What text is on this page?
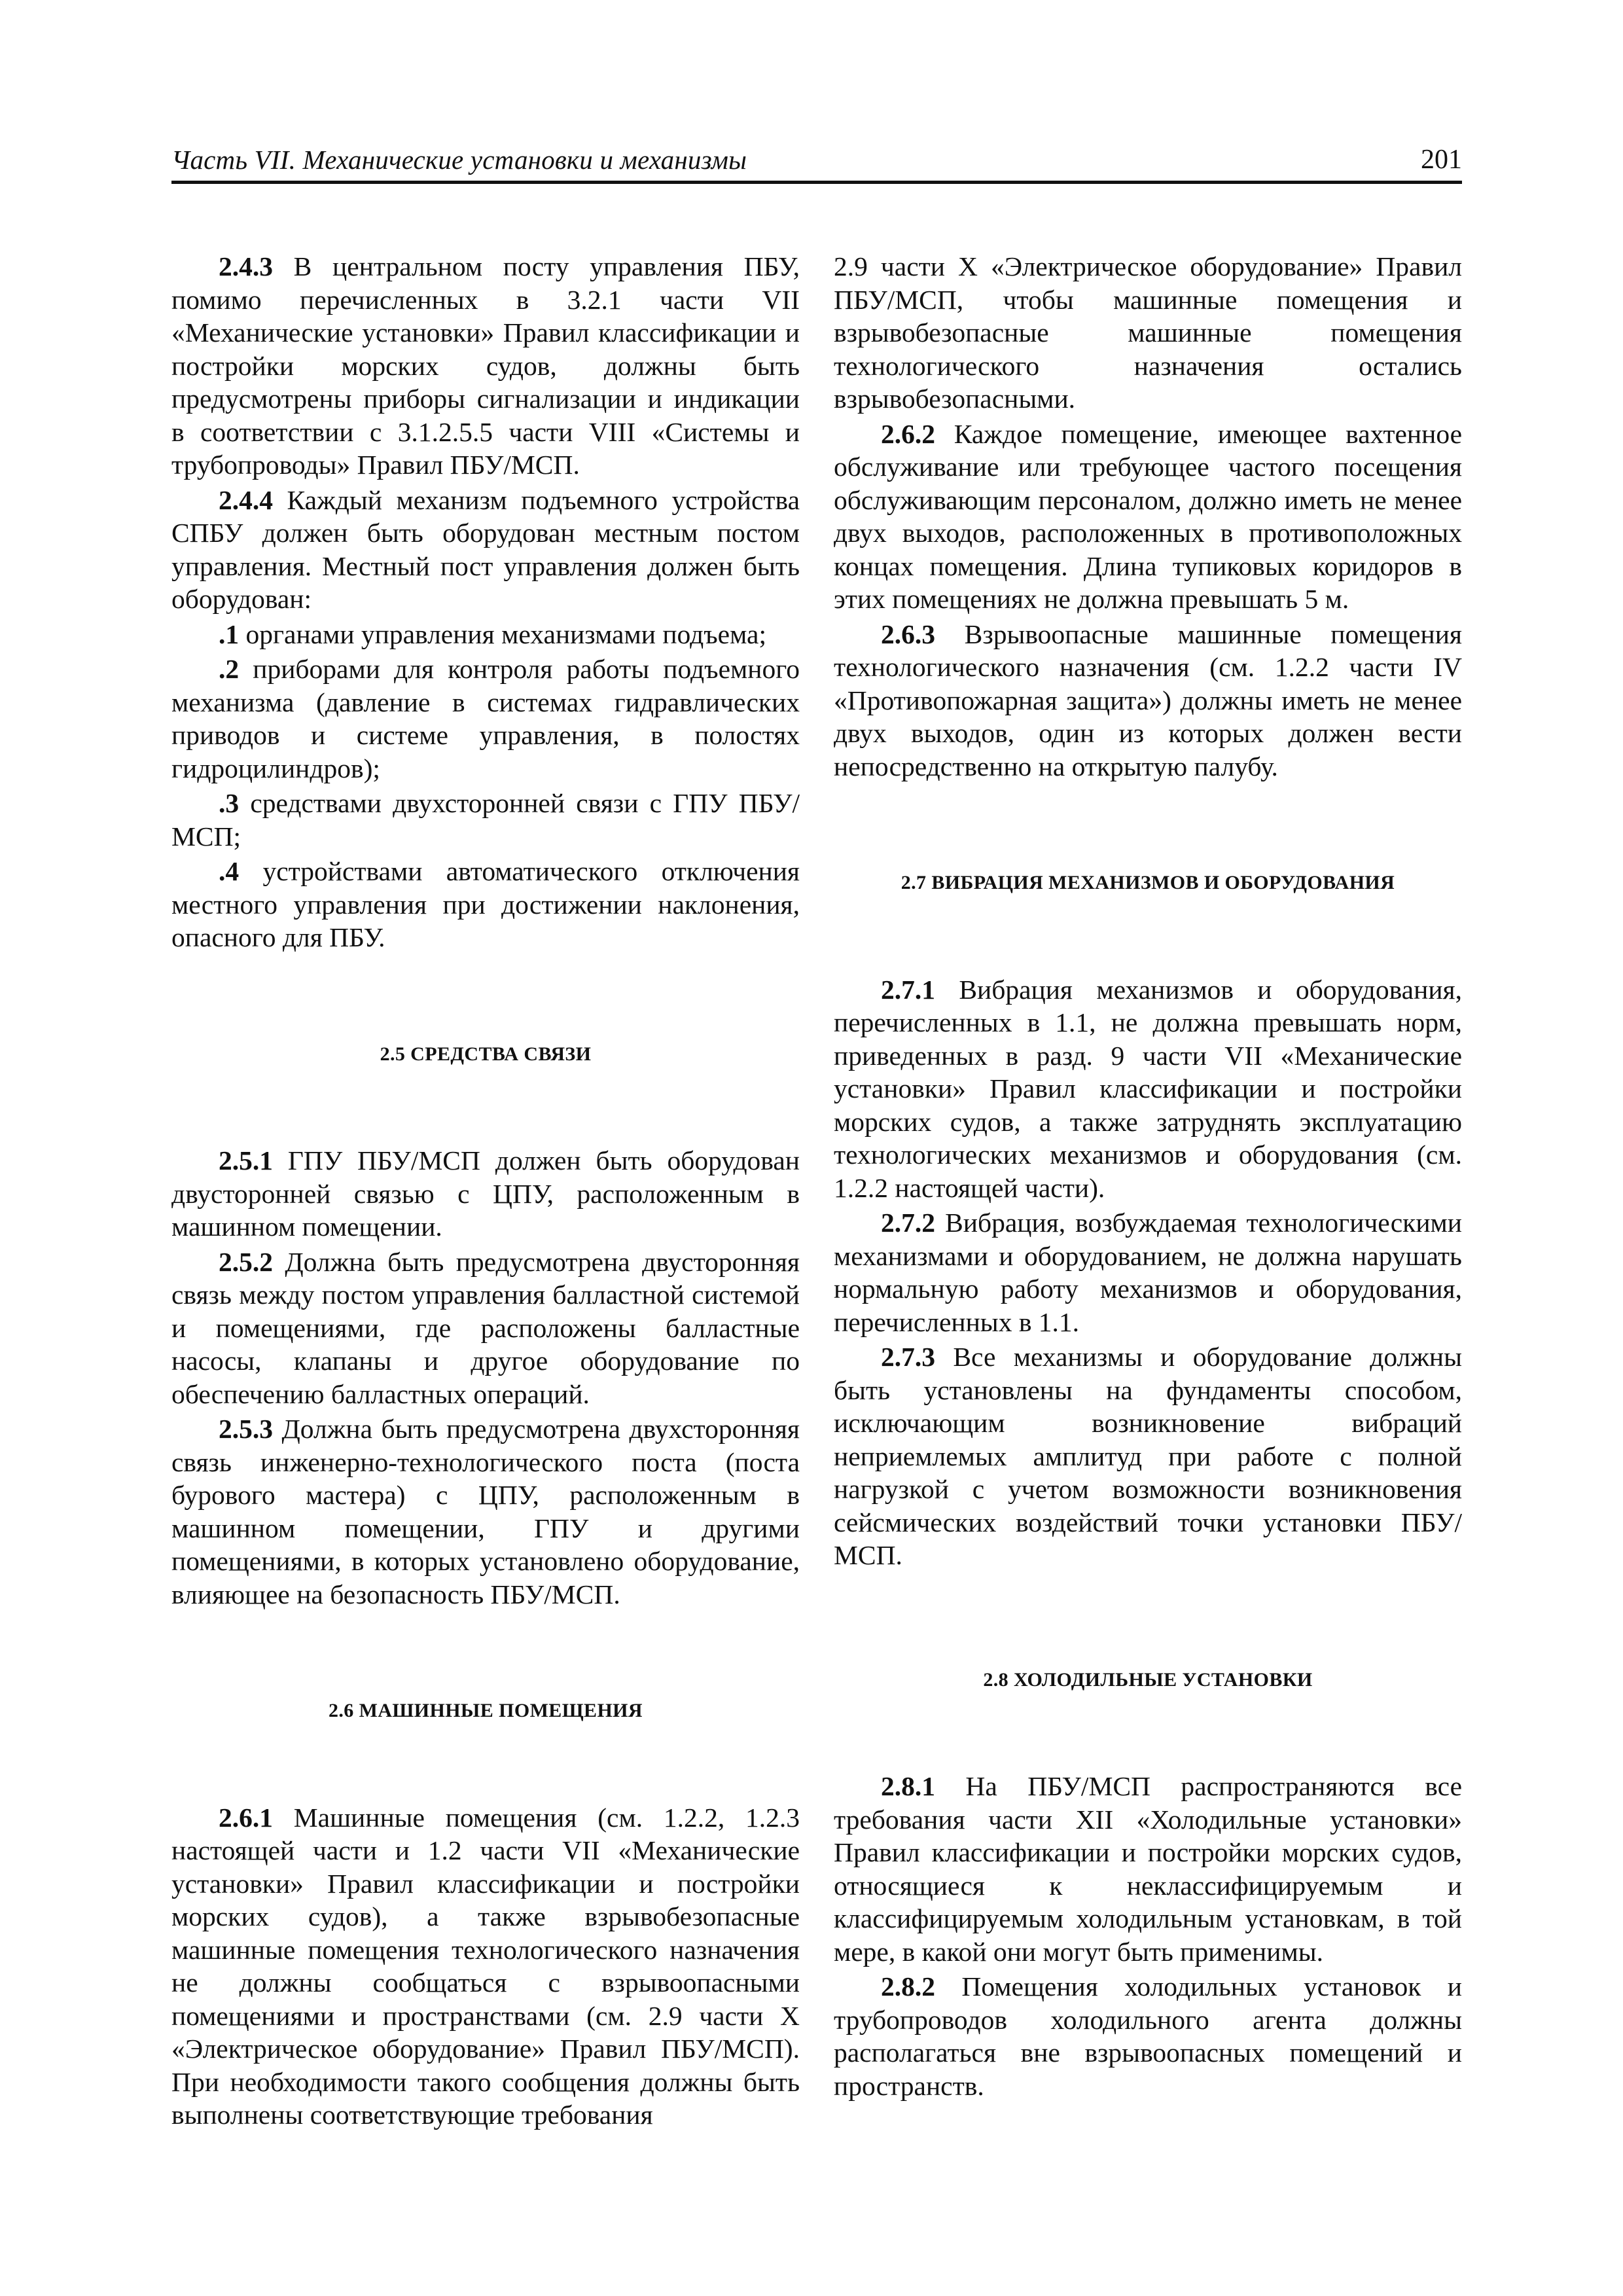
Часть VII. Механические установки и механизмы	201

2.4.3 В центральном посту управления ПБУ, помимо перечисленных в 3.2.1 части VII «Механические установки» Правил классификации и постройки морских судов, должны быть предусмотрены приборы сигнализации и индикации в соответствии с 3.1.2.5.5 части VIII «Системы и трубопроводы» Правил ПБУ/МСП.

2.4.4 Каждый механизм подъемного устройства СПБУ должен быть оборудован местным постом управления. Местный пост управления должен быть оборудован:

.1 органами управления механизмами подъема;

.2 приборами для контроля работы подъемного механизма (давление в системах гидравлических приводов и системе управления, в полостях гидроцилиндров);

.3 средствами двухсторонней связи с ГПУ ПБУ/МСП;

.4 устройствами автоматического отключения местного управления при достижении наклонения, опасного для ПБУ.

2.5 СРЕДСТВА СВЯЗИ

2.5.1 ГПУ ПБУ/МСП должен быть оборудован двусторонней связью с ЦПУ, расположенным в машинном помещении.

2.5.2 Должна быть предусмотрена двусторонняя связь между постом управления балластной системой и помещениями, где расположены балластные насосы, клапаны и другое оборудование по обеспечению балластных операций.

2.5.3 Должна быть предусмотрена двухсторонняя связь инженерно-технологического поста (поста бурового мастера) с ЦПУ, расположенным в машинном помещении, ГПУ и другими помещениями, в которых установлено оборудование, влияющее на безопасность ПБУ/МСП.

2.6 МАШИННЫЕ ПОМЕЩЕНИЯ

2.6.1 Машинные помещения (см. 1.2.2, 1.2.3 настоящей части и 1.2 части VII «Механические установки» Правил классификации и постройки морских судов), а также взрывобезопасные машинные помещения технологического назначения не должны сообщаться с взрывоопасными помещениями и пространствами (см. 2.9 части X «Электрическое оборудование» Правил ПБУ/МСП). При необходимости такого сообщения должны быть выполнены соответствующие требования

2.9 части X «Электрическое оборудование» Правил ПБУ/МСП, чтобы машинные помещения и взрывобезопасные машинные помещения технологического назначения остались взрывобезопасными.

2.6.2 Каждое помещение, имеющее вахтенное обслуживание или требующее частого посещения обслуживающим персоналом, должно иметь не менее двух выходов, расположенных в противоположных концах помещения. Длина тупиковых коридоров в этих помещениях не должна превышать 5 м.

2.6.3 Взрывоопасные машинные помещения технологического назначения (см. 1.2.2 части IV «Противопожарная защита») должны иметь не менее двух выходов, один из которых должен вести непосредственно на открытую палубу.

2.7 ВИБРАЦИЯ МЕХАНИЗМОВ И ОБОРУДОВАНИЯ

2.7.1 Вибрация механизмов и оборудования, перечисленных в 1.1, не должна превышать норм, приведенных в разд. 9 части VII «Механические установки» Правил классификации и постройки морских судов, а также затруднять эксплуатацию технологических механизмов и оборудования (см. 1.2.2 настоящей части).

2.7.2 Вибрация, возбуждаемая технологическими механизмами и оборудованием, не должна нарушать нормальную работу механизмов и оборудования, перечисленных в 1.1.

2.7.3 Все механизмы и оборудование должны быть установлены на фундаменты способом, исключающим возникновение вибраций неприемлемых амплитуд при работе с полной нагрузкой с учетом возможности возникновения сейсмических воздействий точки установки ПБУ/МСП.

2.8 ХОЛОДИЛЬНЫЕ УСТАНОВКИ

2.8.1 На ПБУ/МСП распространяются все требования части XII «Холодильные установки» Правил классификации и постройки морских судов, относящиеся к неклассифицируемым и классифицируемым холодильным установкам, в той мере, в какой они могут быть применимы.

2.8.2 Помещения холодильных установок и трубопроводов холодильного агента должны располагаться вне взрывоопасных помещений и пространств.
